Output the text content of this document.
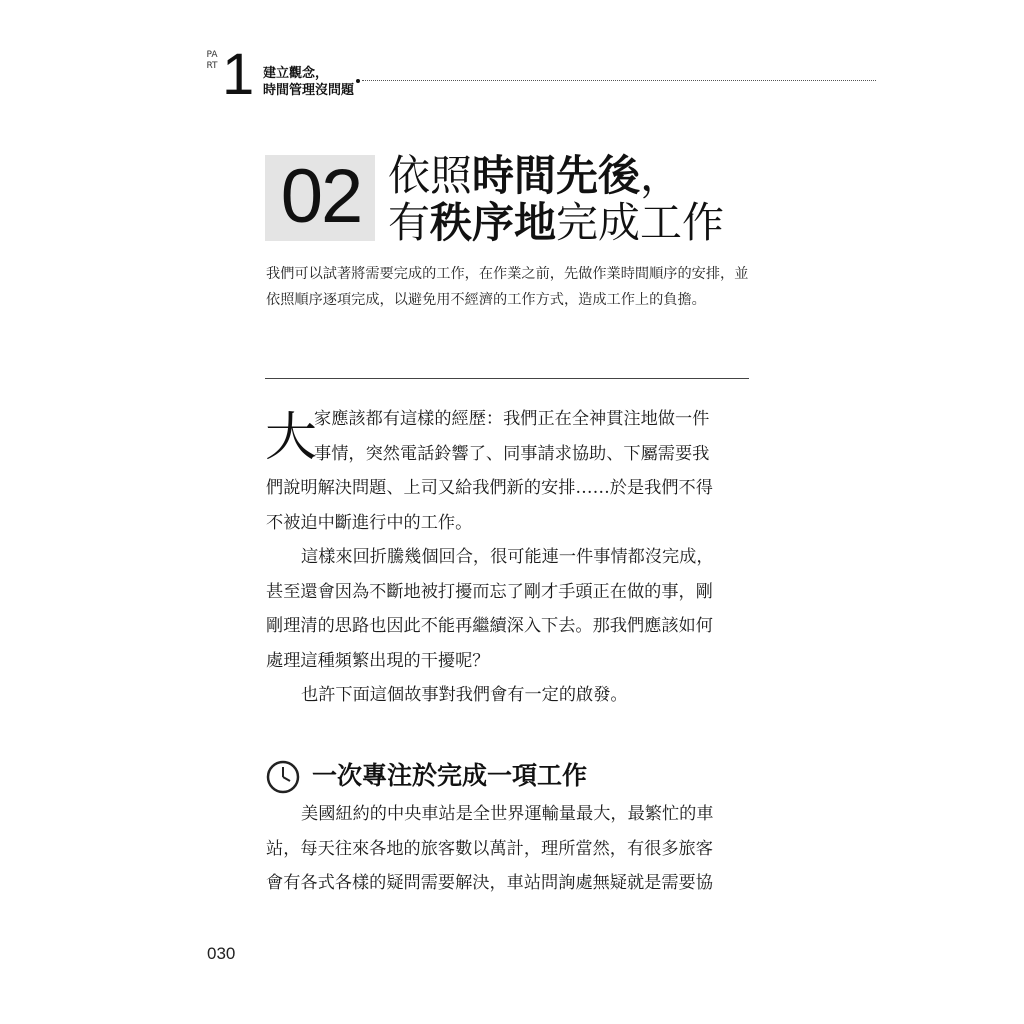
PART 1 建立觀念，
時間管理沒問題
02 依照時間先後，
有秩序地完成工作
我們可以試著將需要完成的工作，在作業之前，先做作業時間順序的安排，並依照順序逐項完成，以避免用不經濟的工作方式，造成工作上的負擔。
大
家應該都有這樣的經歷：我們正在全神貫注地做一件
事情，突然電話鈴響了、同事請求協助、下屬需要我
們說明解決問題、上司又給我們新的安排……於是我們不得
不被迫中斷進行中的工作。
這樣來回折騰幾個回合，很可能連一件事情都沒完成，
甚至還會因為不斷地被打擾而忘了剛才手頭正在做的事，剛
剛理清的思路也因此不能再繼續深入下去。那我們應該如何
處理這種頻繁出現的干擾呢？
也許下面這個故事對我們會有一定的啟發。
一次專注於完成一項工作
美國紐約的中央車站是全世界運輸量最大，最繁忙的車
站，每天往來各地的旅客數以萬計，理所當然，有很多旅客
會有各式各樣的疑問需要解決，車站問詢處無疑就是需要協
030
